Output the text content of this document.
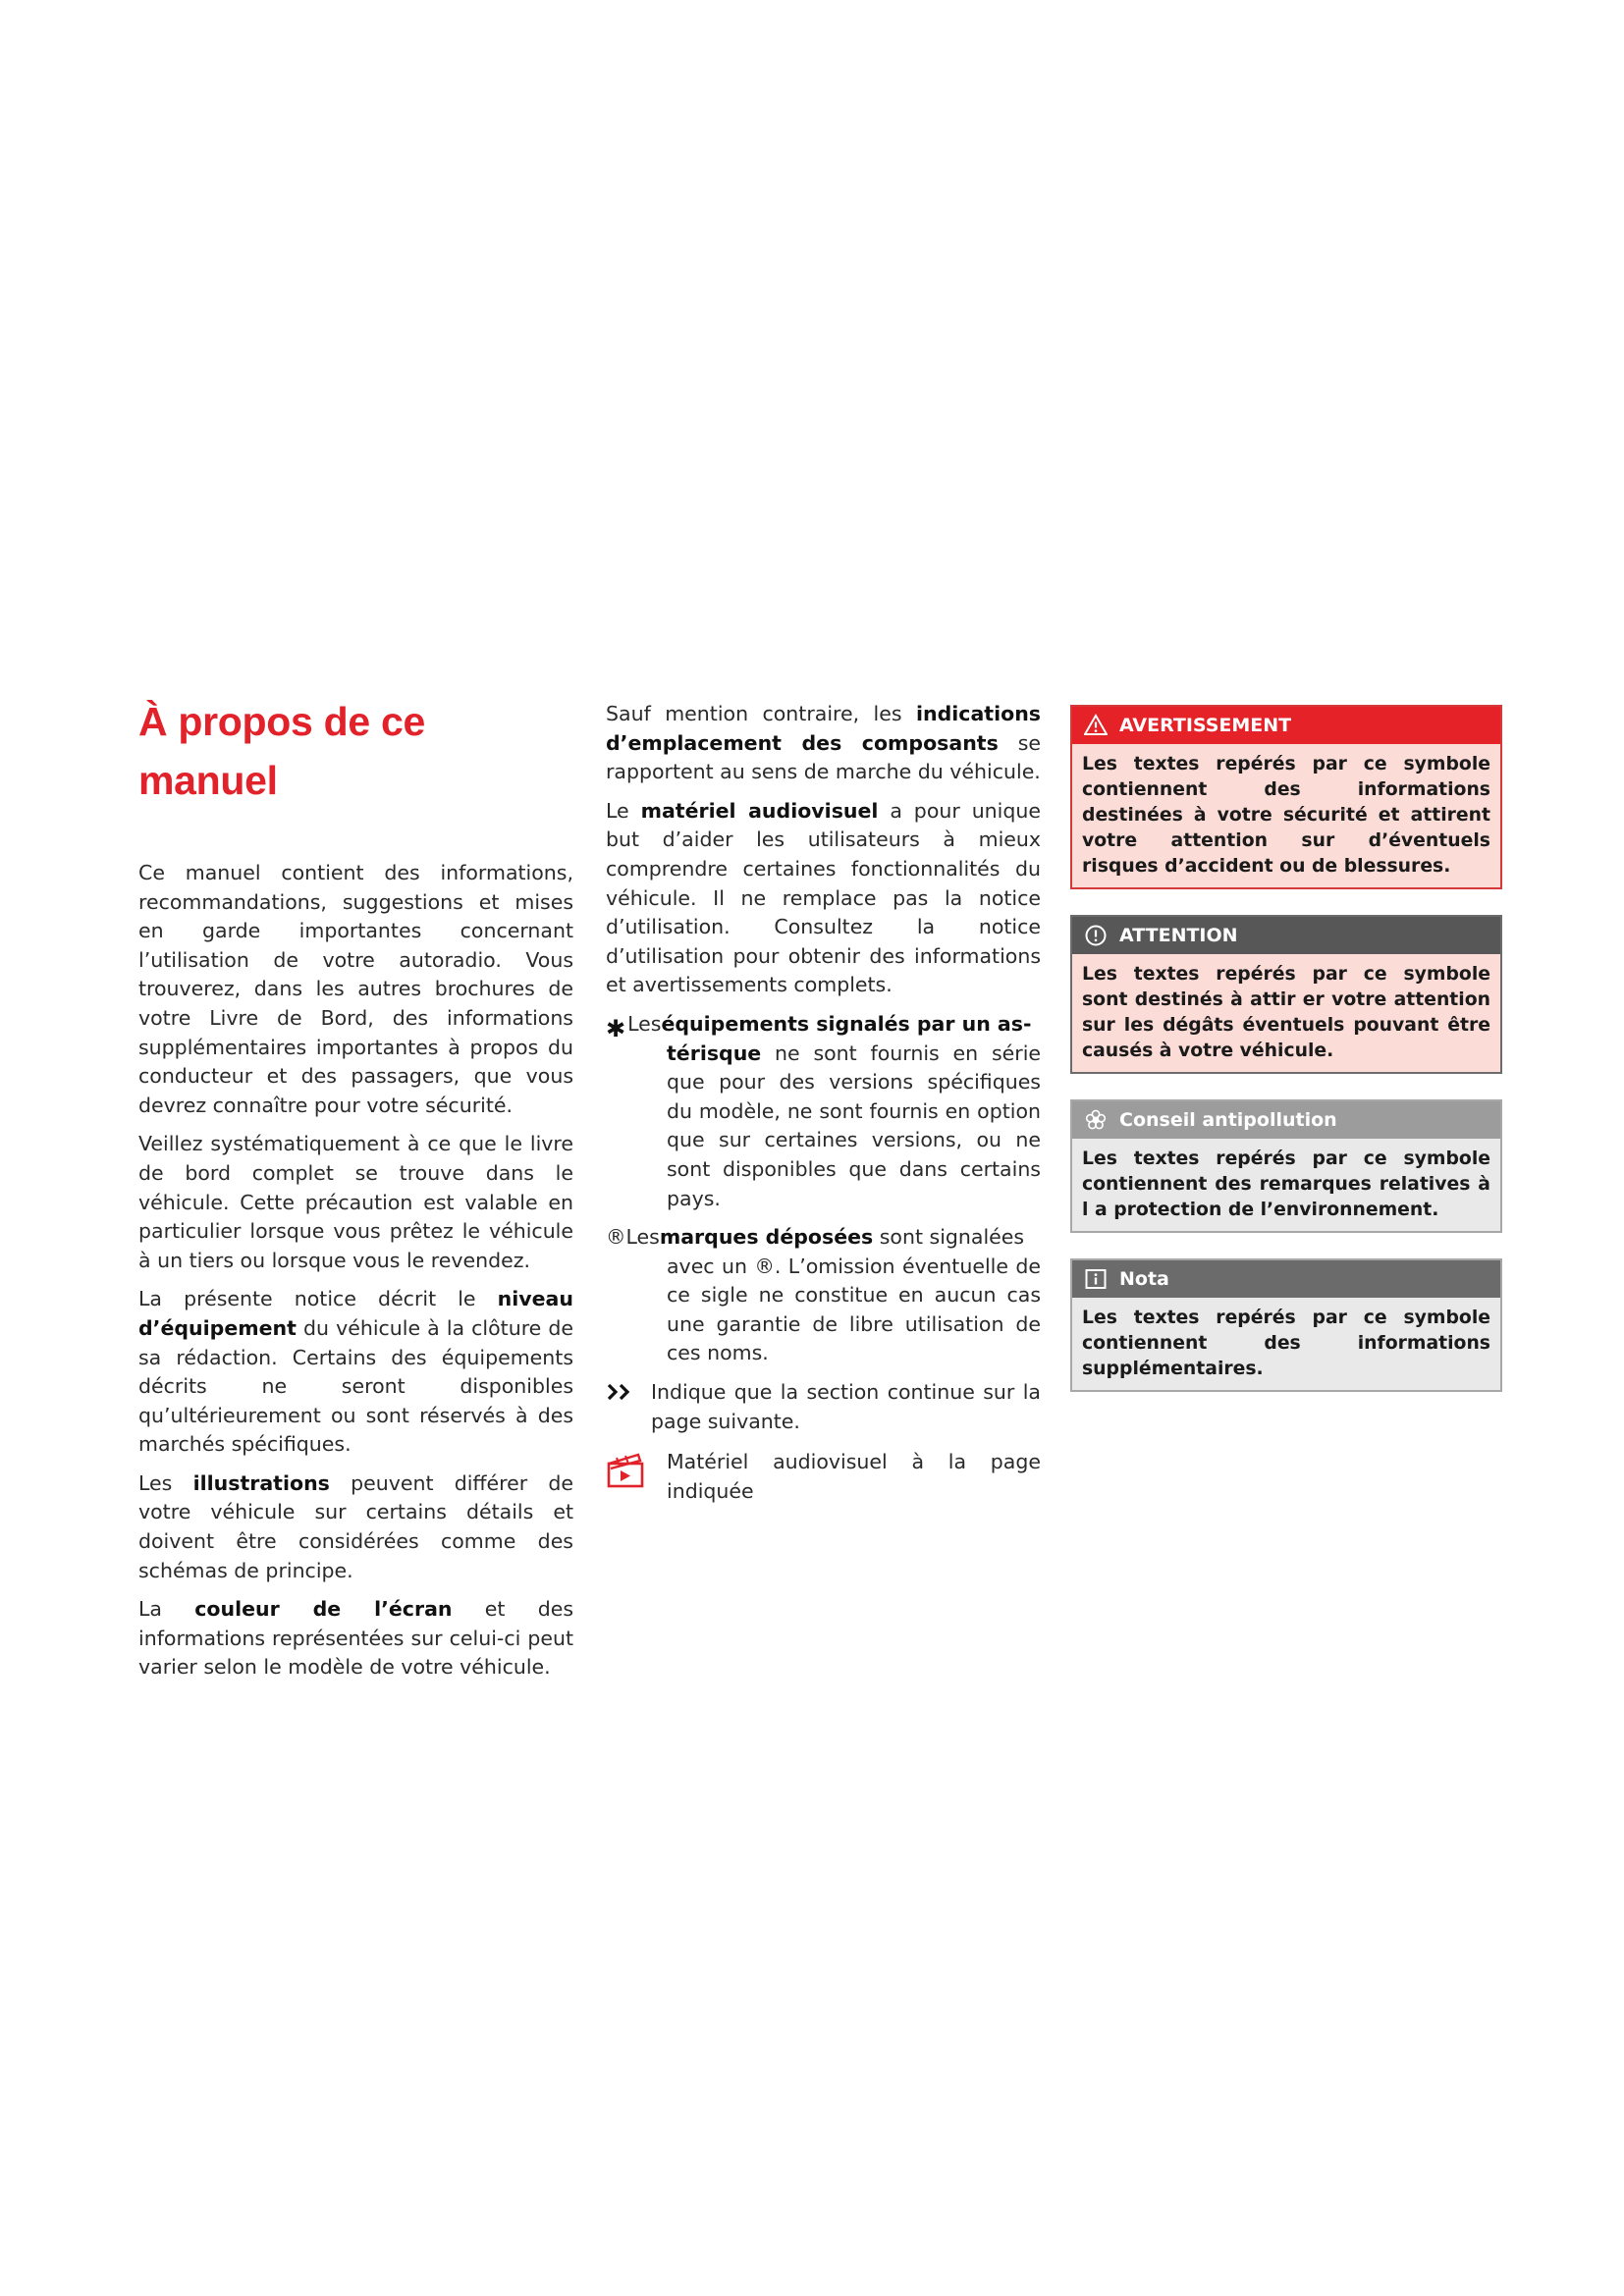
À propos de ce manuel

Ce manuel contient des informations, recommandations, suggestions et mises en garde importantes concernant l’utilisation de votre autoradio. Vous trouverez, dans les autres brochures de votre Livre de Bord, des informations supplémentaires importantes à propos du conducteur et des passagers, que vous devrez connaître pour votre sécurité.

Veillez systématiquement à ce que le livre de bord complet se trouve dans le véhicule. Cette précaution est valable en particulier lorsque vous prêtez le véhicule à un tiers ou lorsque vous le revendez.

La présente notice décrit le niveau d’équipement du véhicule à la clôture de sa rédaction. Certains des équipements décrits ne seront disponibles qu’ultérieurement ou sont réservés à des marchés spécifiques.

Les illustrations peuvent différer de votre véhicule sur certains détails et doivent être considérées comme des schémas de principe.

La couleur de l’écran et des informations représentées sur celui-ci peut varier selon le modèle de votre véhicule.

Sauf mention contraire, les indications d’emplacement des composants se rapportent au sens de marche du véhicule.

Le matériel audiovisuel a pour unique but d’aider les utilisateurs à mieux comprendre certaines fonctionnalités du véhicule. Il ne remplace pas la notice d’utilisation. Consultez la notice d’utilisation pour obtenir des informations et avertissements complets.

✱Leséquipements signalés par un as-
térisque ne sont fournis en série que pour des versions spécifiques du modèle, ne sont fournis en option que sur certaines versions, ou ne sont disponibles que dans certains pays.
®Lesmarques déposées sont signalées
avec un ®. L’omission éventuelle de ce sigle ne constitue en aucun cas une garantie de libre utilisation de ces noms.
Indique que la section continue sur la page suivante.
Matériel audiovisuel à la page indiquée
AVERTISSEMENT
Les textes repérés par ce symbole contiennent des informations destinées à votre sécurité et attirent votre attention sur d’éventuels risques d’accident ou de blessures.
ATTENTION
Les textes repérés par ce symbole sont destinés à attir er votre attention sur les dégâts éventuels pouvant être causés à votre véhicule.
Conseil antipollution
Les textes repérés par ce symbole contiennent des remarques relatives à l a protection de l’environnement.
Nota
Les textes repérés par ce symbole contiennent des informations supplémentaires.
